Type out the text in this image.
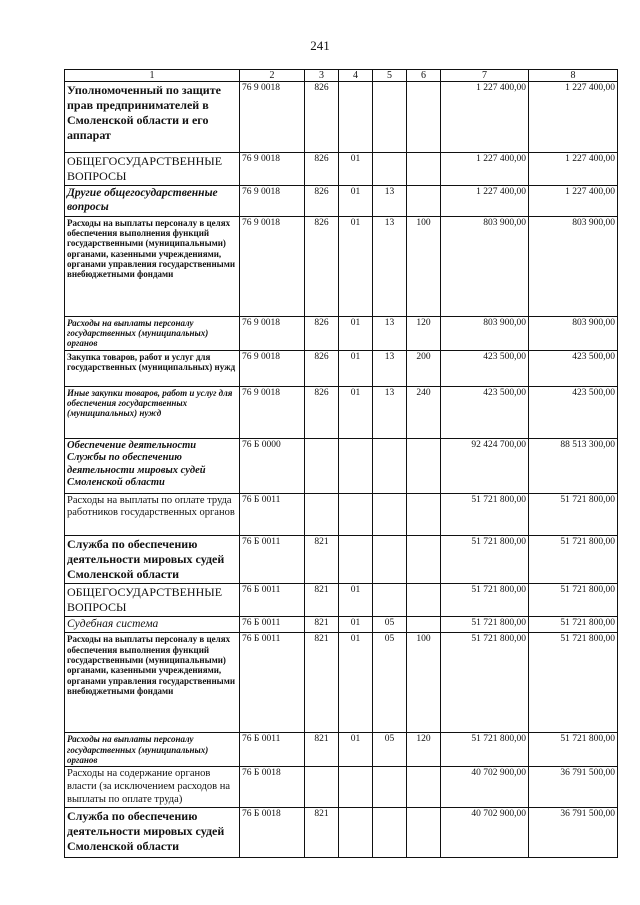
241
1	2	3	4	5	6	7	8
Уполномоченный по защите прав предпринимателей в Смоленской области и его аппарат	76 9 0018	826				1 227 400,00	1 227 400,00
ОБЩЕГОСУДАРСТВЕННЫЕ ВОПРОСЫ	76 9 0018	826	01			1 227 400,00	1 227 400,00
Другие общегосударственные вопросы	76 9 0018	826	01	13		1 227 400,00	1 227 400,00
Расходы на выплаты персоналу в целях обеспечения выполнения функций государственными (муниципальными) органами, казенными учреждениями, органами управления государственными внебюджетными фондами	76 9 0018	826	01	13	100	803 900,00	803 900,00
Расходы на выплаты персоналу государственных (муниципальных) органов	76 9 0018	826	01	13	120	803 900,00	803 900,00
Закупка товаров, работ и услуг для государственных (муниципальных) нужд	76 9 0018	826	01	13	200	423 500,00	423 500,00
Иные закупки товаров, работ и услуг для обеспечения государственных (муниципальных) нужд	76 9 0018	826	01	13	240	423 500,00	423 500,00
Обеспечение деятельности Службы по обеспечению деятельности мировых судей Смоленской области	76 Б 0000					92 424 700,00	88 513 300,00
Расходы на выплаты по оплате труда работников государственных органов	76 Б 0011					51 721 800,00	51 721 800,00
Служба по обеспечению деятельности мировых судей Смоленской области	76 Б 0011	821				51 721 800,00	51 721 800,00
ОБЩЕГОСУДАРСТВЕННЫЕ ВОПРОСЫ	76 Б 0011	821	01			51 721 800,00	51 721 800,00
Судебная система	76 Б 0011	821	01	05		51 721 800,00	51 721 800,00
Расходы на выплаты персоналу в целях обеспечения выполнения функций государственными (муниципальными) органами, казенными учреждениями, органами управления государственными внебюджетными фондами	76 Б 0011	821	01	05	100	51 721 800,00	51 721 800,00
Расходы на выплаты персоналу государственных (муниципальных) органов	76 Б 0011	821	01	05	120	51 721 800,00	51 721 800,00
Расходы на содержание органов власти (за исключением расходов на выплаты по оплате труда)	76 Б 0018					40 702 900,00	36 791 500,00
Служба по обеспечению деятельности мировых судей Смоленской области	76 Б 0018	821				40 702 900,00	36 791 500,00
